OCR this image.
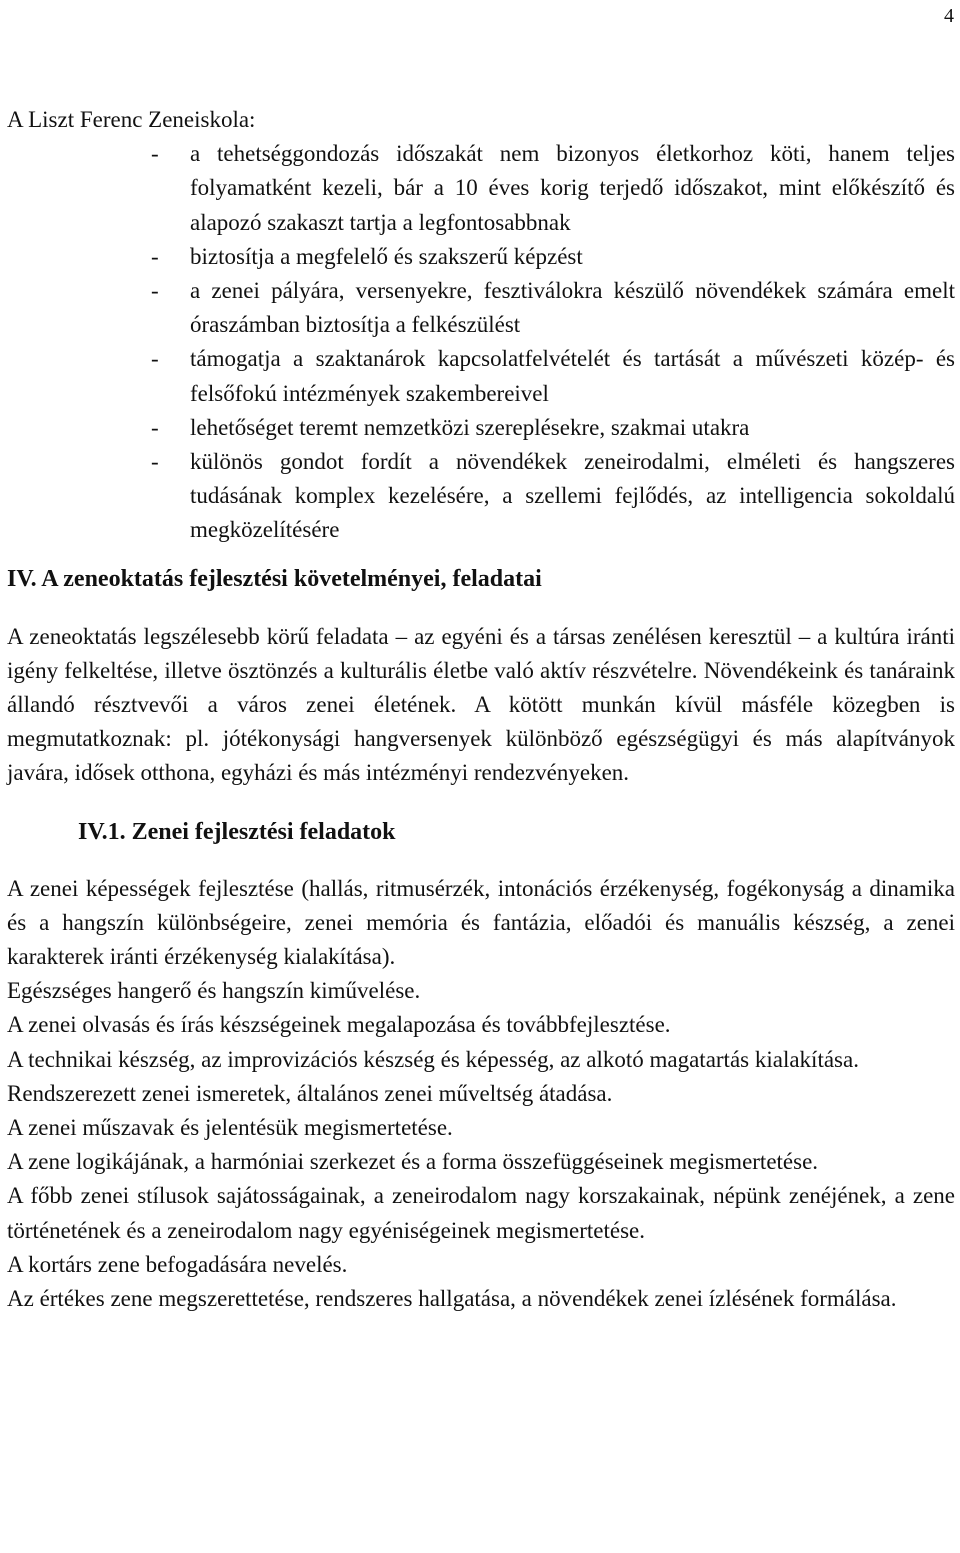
4

A Liszt Ferenc Zeneiskola:

- a tehetséggondozás időszakát nem bizonyos életkorhoz köti, hanem teljes folyamatként kezeli, bár a 10 éves korig terjedő időszakot, mint előkészítő és alapozó szakaszt tartja a legfontosabbnak
- biztosítja a megfelelő és szakszerű képzést
- a zenei pályára, versenyekre, fesztiválokra készülő növendékek számára emelt óraszámban biztosítja a felkészülést
- támogatja a szaktanárok kapcsolatfelvételét és tartását a művészeti közép- és felsőfokú intézmények szakembereivel
- lehetőséget teremt nemzetközi szereplésekre, szakmai utakra
- különös gondot fordít a növendékek zeneirodalmi, elméleti és hangszeres tudásának komplex kezelésére, a szellemi fejlődés, az intelligencia sokoldalú megközelítésére
IV. A zeneoktatás fejlesztési követelményei, feladatai

A zeneoktatás legszélesebb körű feladata – az egyéni és a társas zenélésen keresztül – a kultúra iránti igény felkeltése, illetve ösztönzés a kulturális életbe való aktív részvételre. Növendékeink és tanáraink állandó résztvevői a város zenei életének. A kötött munkán kívül másféle közegben is megmutatkoznak: pl. jótékonysági hangversenyek különböző egészségügyi és más alapítványok javára, idősek otthona, egyházi és más intézményi rendezvényeken.

IV.1. Zenei fejlesztési feladatok

A zenei képességek fejlesztése (hallás, ritmusérzék, intonációs érzékenység, fogékonyság a dinamika és a hangszín különbségeire, zenei memória és fantázia, előadói és manuális készség, a zenei karakterek iránti érzékenység kialakítása).

Egészséges hangerő és hangszín kiművelése.

A zenei olvasás és írás készségeinek megalapozása és továbbfejlesztése.

A technikai készség, az improvizációs készség és képesség, az alkotó magatartás kialakítása.

Rendszerezett zenei ismeretek, általános zenei műveltség átadása.

A zenei műszavak és jelentésük megismertetése.

A zene logikájának, a harmóniai szerkezet és a forma összefüggéseinek megismertetése.

A főbb zenei stílusok sajátosságainak, a zeneirodalom nagy korszakainak, népünk zenéjének, a zene történetének és a zeneirodalom nagy egyéniségeinek megismertetése.

A kortárs zene befogadására nevelés.

Az értékes zene megszerettetése, rendszeres hallgatása, a növendékek zenei ízlésének formálása.
